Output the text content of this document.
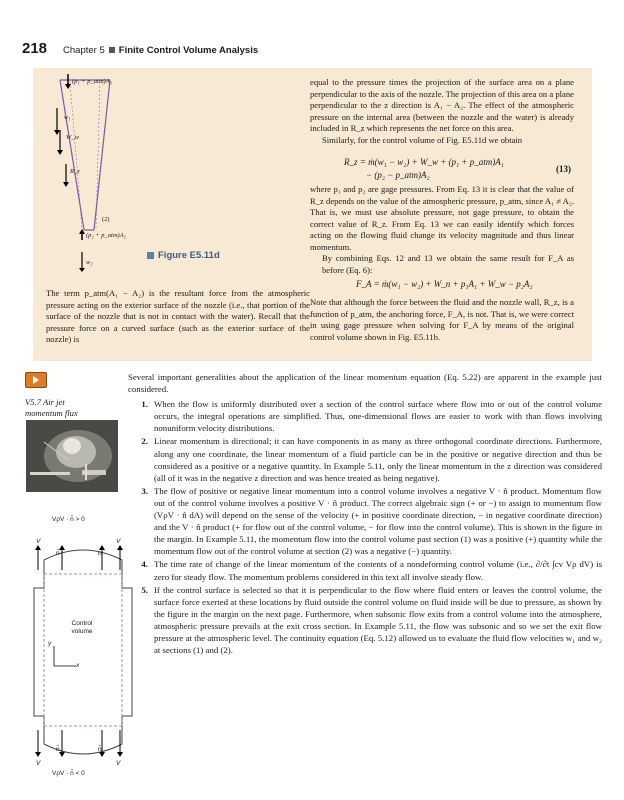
218 Chapter 5 Finite Control Volume Analysis
(p₁ + p_atm)A₁
w₁
W_w
R_z
(2)
(p₂ + p_atm)A₂
w₂
Figure E5.11d
The term p_atm(A₁ − A₂) is the resultant force from the atmospheric pressure acting on the exterior surface of the nozzle (i.e., that portion of the surface of the nozzle that is not in contact with the water). Recall that the pressure force on a curved surface (such as the exterior surface of the nozzle) is
equal to the pressure times the projection of the surface area on a plane perpendicular to the axis of the nozzle. The projection of this area on a plane perpendicular to the z direction is A₁ − A₂. The effect of the atmospheric pressure on the internal area (between the nozzle and the water) is already included in R_z which represents the net force on this area.
Similarly, for the control volume of Fig. E5.11d we obtain
R_z = ṁ(w₁ − w₂) + W_w + (p₁ + p_atm)A₁
− (p₂ − p_atm)A₂
(13)
where p₁ and p₂ are gage pressures. From Eq. 13 it is clear that the value of R_z depends on the value of the atmospheric pressure, p_atm, since A₁ ≠ A₂. That is, we must use absolute pressure, not gage pressure, to obtain the correct value of R_z. From Eq. 13 we can easily identify which forces acting on the flowing fluid change its velocity magnitude and thus linear momentum.
By combining Eqs. 12 and 13 we obtain the same result for F_A as before (Eq. 6):
F_A = ṁ(w₁ − w₂) + W_n + p₁A₁ + W_w − p₂A₂
Note that although the force between the fluid and the nozzle wall, R_z, is a function of p_atm, the anchoring force, F_A, is not. That is, we were correct in using gage pressure when solving for F_A by means of the original control volume shown in Fig. E5.11b.
V5.7 Air jet momentum flux
VρV · n̂ > 0
VρV · n̂ < 0
Control volume
V	V
n̂	n̂
n̂	n̂
V	V
y
x

Several important generalities about the application of the linear momentum equation (Eq. 5.22) are apparent in the example just considered.

1. When the flow is uniformly distributed over a section of the control surface where flow into or out of the control volume occurs, the integral operations are simplified. Thus, one-dimensional flows are easier to work with than flows involving nonuniform velocity distributions.
2. Linear momentum is directional; it can have components in as many as three orthogonal coordinate directions. Furthermore, along any one coordinate, the linear momentum of a fluid particle can be in the positive or negative direction and thus be considered as a positive or a negative quantity. In Example 5.11, only the linear momentum in the z direction was considered (all of it was in the negative z direction and was hence treated as being negative).
3. The flow of positive or negative linear momentum into a control volume involves a negative V · n̂ product. Momentum flow out of the control volume involves a positive V · n̂ product. The correct algebraic sign (+ or −) to assign to momentum flow (VρV · n̂ dA) will depend on the sense of the velocity (+ in positive coordinate direction, − in negative coordinate direction) and the V · n̂ product (+ for flow out of the control volume, − for flow into the control volume). This is shown in the figure in the margin. In Example 5.11, the momentum flow into the control volume past section (1) was a positive (+) quantity while the momentum flow out of the control volume at section (2) was a negative (−) quantity.
4. The time rate of change of the linear momentum of the contents of a nondeforming control volume (i.e., ∂/∂t ∫cv Vρ dV) is zero for steady flow. The momentum problems considered in this text all involve steady flow.
5. If the control surface is selected so that it is perpendicular to the flow where fluid enters or leaves the control volume, the surface force exerted at these locations by fluid outside the control volume on fluid inside will be due to pressure, as shown by the figure in the margin on the next page. Furthermore, when subsonic flow exits from a control volume into the atmosphere, atmospheric pressure prevails at the exit cross section. In Example 5.11, the flow was subsonic and so we set the exit flow pressure at the atmospheric level. The continuity equation (Eq. 5.12) allowed us to evaluate the fluid flow velocities w₁ and w₂ at sections (1) and (2).
